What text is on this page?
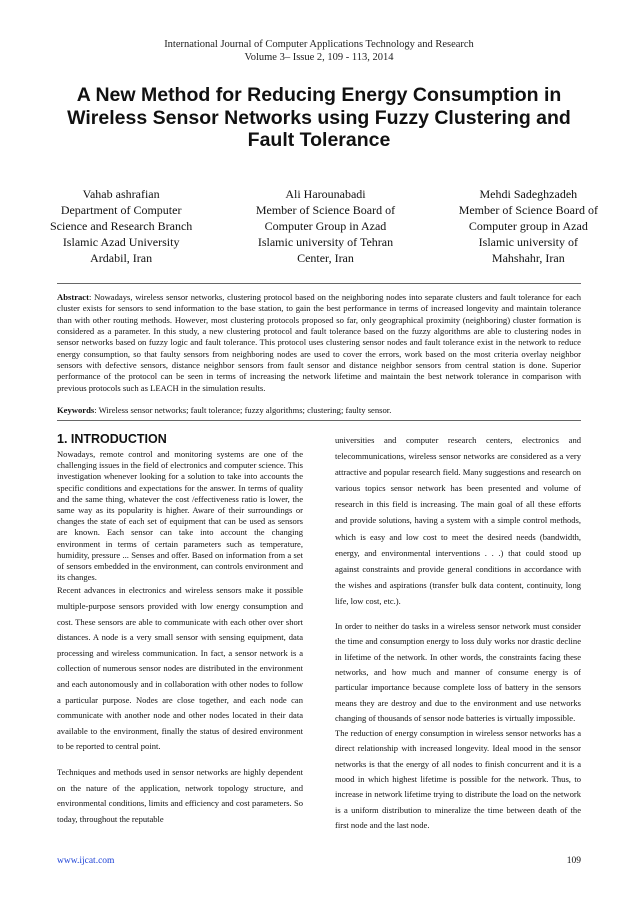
International Journal of Computer Applications Technology and Research
Volume 3– Issue 2, 109 - 113, 2014
A New Method for Reducing Energy Consumption in
Wireless Sensor Networks using Fuzzy Clustering and
Fault Tolerance
Vahab ashrafian
Department of Computer
Science and Research Branch
Islamic Azad University
Ardabil, Iran
Ali Harounabadi
Member of Science Board of
Computer Group in Azad
Islamic university of Tehran
Center, Iran
Mehdi Sadeghzadeh
Member of Science Board of
Computer group in Azad
Islamic university of
Mahshahr, Iran
Abstract: Nowadays, wireless sensor networks, clustering protocol based on the neighboring nodes into separate clusters and fault tolerance for each cluster exists for sensors to send information to the base station, to gain the best performance in terms of increased longevity and maintain tolerance than with other routing methods. However, most clustering protocols proposed so far, only geographical proximity (neighboring) cluster formation is considered as a parameter. In this study, a new clustering protocol and fault tolerance based on the fuzzy algorithms are able to clustering nodes in sensor networks based on fuzzy logic and fault tolerance. This protocol uses clustering sensor nodes and fault tolerance exist in the network to reduce energy consumption, so that faulty sensors from neighboring nodes are used to cover the errors, work based on the most criteria overlay neighbor sensors with defective sensors, distance neighbor sensors from fault sensor and distance neighbor sensors from central station is done. Superior performance of the protocol can be seen in terms of increasing the network lifetime and maintain the best network tolerance in comparison with previous protocols such as LEACH in the simulation results.
Keywords: Wireless sensor networks; fault tolerance; fuzzy algorithms; clustering; faulty sensor.
1. INTRODUCTION

Nowadays, remote control and monitoring systems are one of the challenging issues in the field of electronics and computer science. This investigation whenever looking for a solution to take into accounts the specific conditions and expectations for the answer. In terms of quality and the same thing, whatever the cost /effectiveness ratio is lower, the same way as its popularity is higher. Aware of their surroundings or changes the state of each set of equipment that can be used as sensors are known. Each sensor can take into account the changing environment in terms of certain parameters such as temperature, humidity, pressure ... Senses and offer. Based on information from a set of sensors embedded in the environment, can controls environment and its changes.

Recent advances in electronics and wireless sensors make it possible multiple-purpose sensors provided with low energy consumption and cost. These sensors are able to communicate with each other over short distances. A node is a very small sensor with sensing equipment, data processing and wireless communication. In fact, a sensor network is a collection of numerous sensor nodes are distributed in the environment and each autonomously and in collaboration with other nodes to follow a particular purpose. Nodes are close together, and each node can communicate with another node and other nodes located in their data available to the environment, finally the status of desired environment to be reported to central point.

Techniques and methods used in sensor networks are highly dependent on the nature of the application, network topology structure, and environmental conditions, limits and efficiency and cost parameters. So today, throughout the reputable

universities and computer research centers, electronics and telecommunications, wireless sensor networks are considered as a very attractive and popular research field. Many suggestions and research on various topics sensor network has been presented and volume of research in this field is increasing. The main goal of all these efforts and provide solutions, having a system with a simple control methods, which is easy and low cost to meet the desired needs (bandwidth, energy, and environmental interventions . . .) that could stood up against constraints and provide general conditions in accordance with the wishes and aspirations (transfer bulk data content, continuity, long life, low cost, etc.).

In order to neither do tasks in a wireless sensor network must consider the time and consumption energy to loss duly works nor drastic decline in lifetime of the network. In other words, the constraints facing these networks, and how much and manner of consume energy is of particular importance because complete loss of battery in the sensors means they are destroy and due to the environment and use networks changing of thousands of sensor node batteries is virtually impossible.

The reduction of energy consumption in wireless sensor networks has a direct relationship with increased longevity. Ideal mood in the sensor networks is that the energy of all nodes to finish concurrent and it is a mood in which highest lifetime is possible for the network. Thus, to increase in network lifetime trying to distribute the load on the network is a uniform distribution to mineralize the time between death of the first node and the last node.

www.ijcat.com	109
